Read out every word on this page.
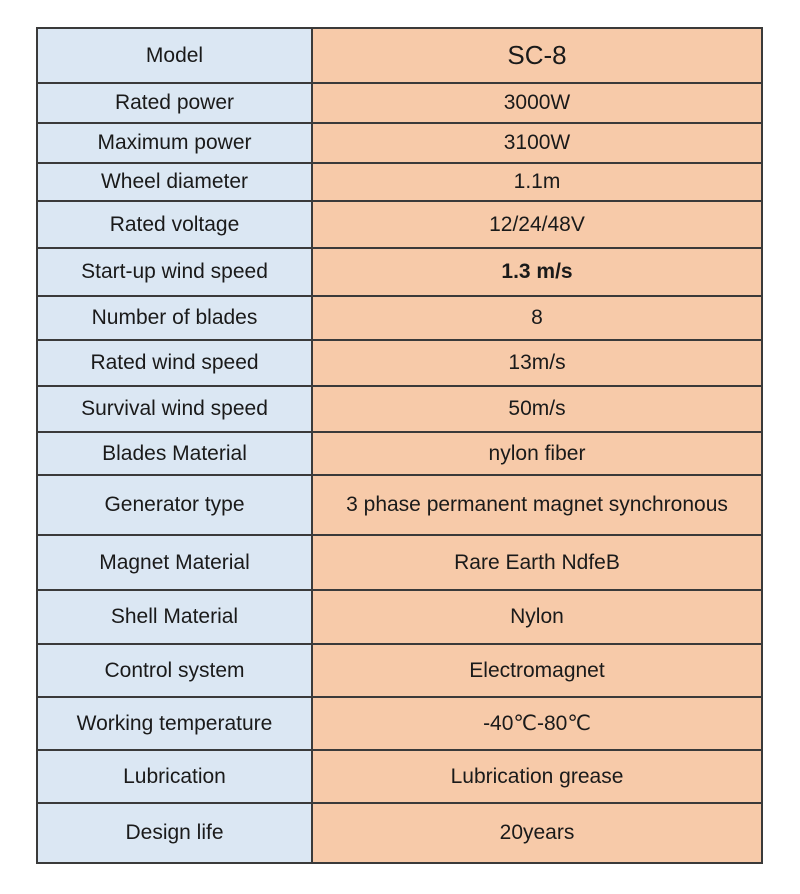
Model	SC-8
Rated power	3000W
Maximum power	3100W
Wheel diameter	1.1m
Rated voltage	12/24/48V
Start-up wind speed	1.3 m/s
Number of blades	8
Rated wind speed	13m/s
Survival wind speed	50m/s
Blades Material	nylon fiber
Generator type	3 phase permanent magnet synchronous
Magnet Material	Rare Earth NdfeB
Shell Material	Nylon
Control system	Electromagnet
Working temperature	-40℃-80℃
Lubrication	Lubrication grease
Design life	20years
